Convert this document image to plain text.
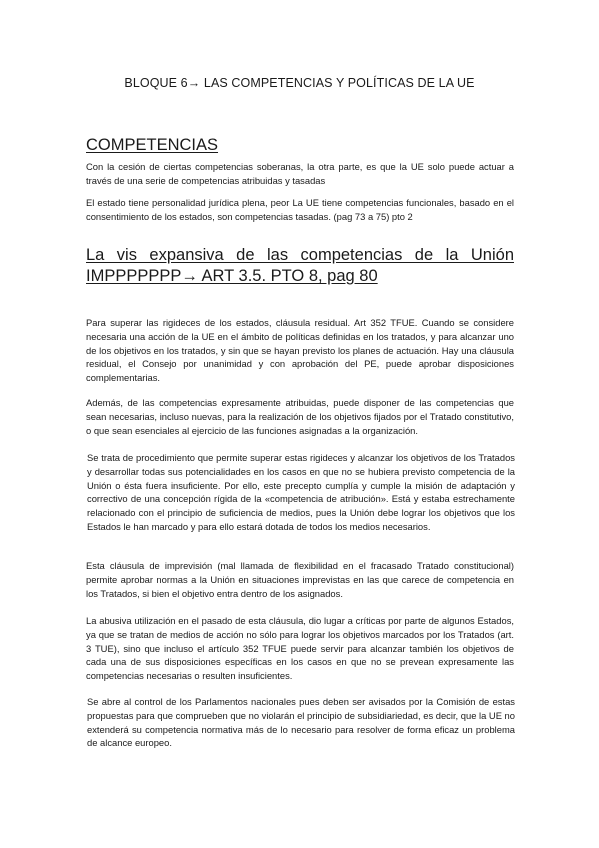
BLOQUE 6→ LAS COMPETENCIAS Y POLÍTICAS DE LA UE
COMPETENCIAS

Con la cesión de ciertas competencias soberanas, la otra parte, es que la UE solo puede actuar a través de una serie de competencias atribuidas y tasadas

El estado tiene personalidad jurídica plena, peor La UE tiene competencias funcionales, basado en el consentimiento de los estados, son competencias tasadas. (pag 73 a 75) pto 2

La vis expansiva de las competencias de la Unión IMPPPPPPP→ ART 3.5. PTO 8, pag 80

Para superar las rigideces de los estados, cláusula residual. Art 352 TFUE. Cuando se considere necesaria una acción de la UE en el ámbito de políticas definidas en los tratados, y para alcanzar uno de los objetivos en los tratados, y sin que se hayan previsto los planes de actuación. Hay una cláusula residual, el Consejo por unanimidad y con aprobación del PE, puede aprobar disposiciones complementarias.

Además, de las competencias expresamente atribuidas, puede disponer de las competencias que sean necesarias, incluso nuevas, para la realización de los objetivos fijados por el Tratado constitutivo, o que sean esenciales al ejercicio de las funciones asignadas a la organización.

Se trata de procedimiento que permite superar estas rigideces y alcanzar los objetivos de los Tratados y desarrollar todas sus potencialidades en los casos en que no se hubiera previsto competencia de la Unión o ésta fuera insuficiente. Por ello, este precepto cumplía y cumple la misión de adaptación y correctivo de una concepción rígida de la «competencia de atribución». Está y estaba estrechamente relacionado con el principio de suficiencia de medios, pues la Unión debe lograr los objetivos que los Estados le han marcado y para ello estará dotada de todos los medios necesarios.

Esta cláusula de imprevisión (mal llamada de flexibilidad en el fracasado Tratado constitucional) permite aprobar normas a la Unión en situaciones imprevistas en las que carece de competencia en los Tratados, si bien el objetivo entra dentro de los asignados.

La abusiva utilización en el pasado de esta cláusula, dio lugar a críticas por parte de algunos Estados, ya que se tratan de medios de acción no sólo para lograr los objetivos marcados por los Tratados (art. 3 TUE), sino que incluso el artículo 352 TFUE puede servir para alcanzar también los objetivos de cada una de sus disposiciones específicas en los casos en que no se prevean expresamente las competencias necesarias o resulten insuficientes.

Se abre al control de los Parlamentos nacionales pues deben ser avisados por la Comisión de estas propuestas para que comprueben que no violarán el principio de subsidiariedad, es decir, que la UE no extenderá su competencia normativa más de lo necesario para resolver de forma eficaz un problema de alcance europeo.
